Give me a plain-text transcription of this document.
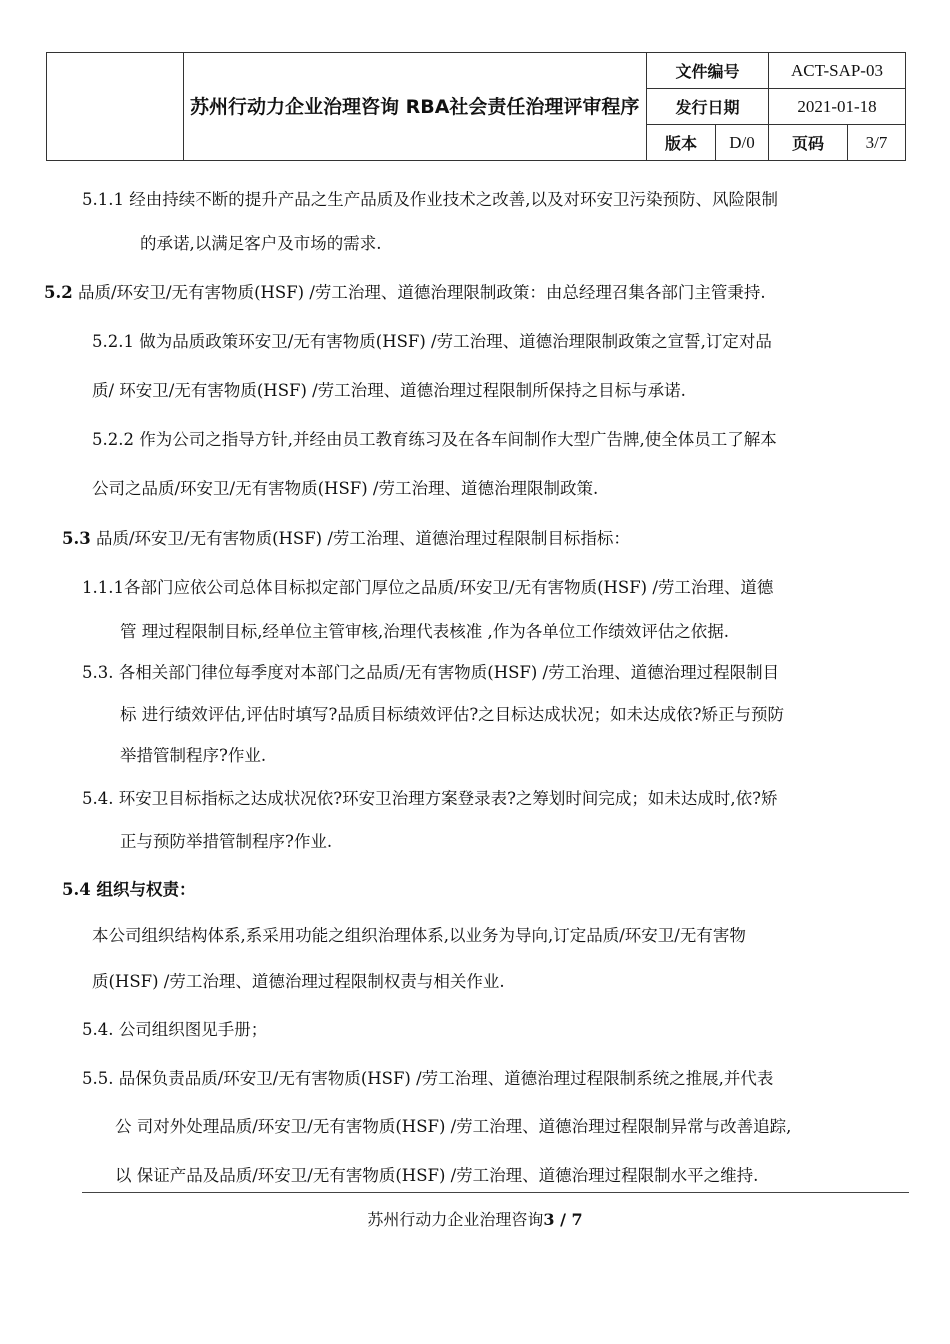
	苏州行动力企业治理咨询 RBA社会责任治理评审程序	文件编号		ACT-SAP-03	
		发行日期		2021-01-18	
		版本	D/0	页码	3/7
5.1.1 经由持续不断的提升产品之生产品质及作业技术之改善,以及对环安卫污染预防、风险限制
的承诺,以满足客户及市场的需求.
5.2 品质/环安卫/无有害物质(HSF) /劳工治理、道德治理限制政策：由总经理召集各部门主管秉持.
5.2.1 做为品质政策环安卫/无有害物质(HSF) /劳工治理、道德治理限制政策之宣誓,订定对品
质/ 环安卫/无有害物质(HSF) /劳工治理、道德治理过程限制所保持之目标与承诺.
5.2.2 作为公司之指导方针,并经由员工教育练习及在各车间制作大型广告牌,使全体员工了解本
公司之品质/环安卫/无有害物质(HSF) /劳工治理、道德治理限制政策.
5.3 品质/环安卫/无有害物质(HSF) /劳工治理、道德治理过程限制目标指标：
1.1.1各部门应依公司总体目标拟定部门厚位之品质/环安卫/无有害物质(HSF) /劳工治理、道德
管 理过程限制目标,经单位主管审核,治理代表核准 ,作为各单位工作绩效评估之依据.
5.3. 各相关部门律位每季度对本部门之品质/无有害物质(HSF) /劳工治理、道德治理过程限制目
标 进行绩效评估,评估时填写?品质目标绩效评估?之目标达成状况；如未达成依?矫正与预防
举措管制程序?作业.
5.4. 环安卫目标指标之达成状况依?环安卫治理方案登录表?之筹划时间完成；如未达成时,依?矫
正与预防举措管制程序?作业.
5.4 组织与权责：
本公司组织结构体系,系采用功能之组织治理体系,以业务为导向,订定品质/环安卫/无有害物
质(HSF) /劳工治理、道德治理过程限制权责与相关作业.
5.4. 公司组织图见手册；
5.5. 品保负责品质/环安卫/无有害物质(HSF) /劳工治理、道德治理过程限制系统之推展,并代表
公 司对外处理品质/环安卫/无有害物质(HSF) /劳工治理、道德治理过程限制异常与改善追踪,
以 保证产品及品质/环安卫/无有害物质(HSF) /劳工治理、道德治理过程限制水平之维持.
苏州行动力企业治理咨询3 / 7
